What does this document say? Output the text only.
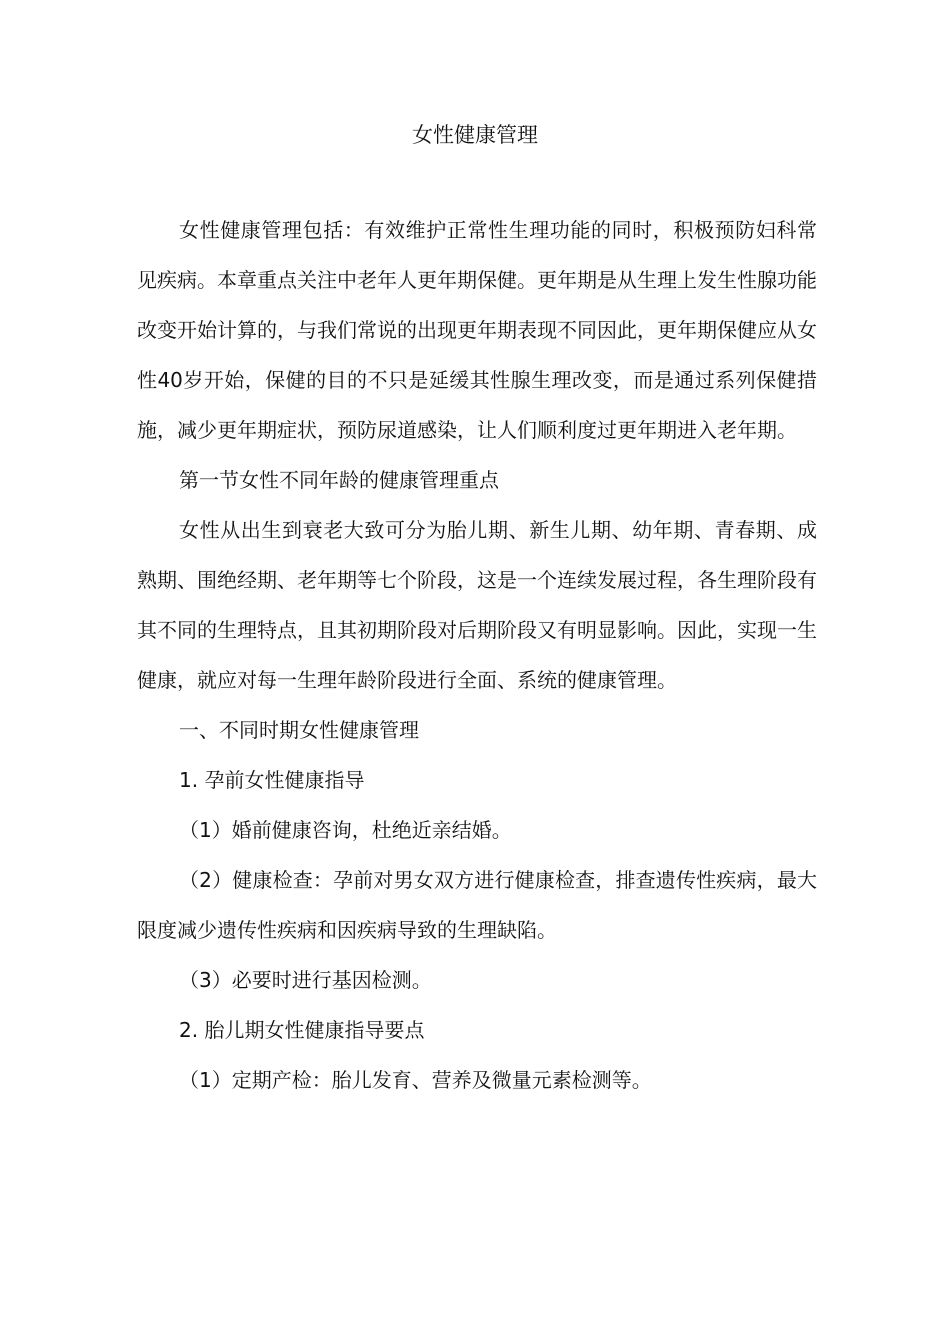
女性健康管理

女性健康管理包括：有效维护正常性生理功能的同时，积极预防妇科常见疾病。本章重点关注中老年人更年期保健。更年期是从生理上发生性腺功能改变开始计算的，与我们常说的出现更年期表现不同因此，更年期保健应从女性40岁开始，保健的目的不只是延缓其性腺生理改变，而是通过系列保健措施，减少更年期症状，预防尿道感染，让人们顺利度过更年期进入老年期。

第一节女性不同年龄的健康管理重点

女性从出生到衰老大致可分为胎儿期、新生儿期、幼年期、青春期、成熟期、围绝经期、老年期等七个阶段，这是一个连续发展过程，各生理阶段有其不同的生理特点，且其初期阶段对后期阶段又有明显影响。因此，实现一生健康，就应对每一生理年龄阶段进行全面、系统的健康管理。

一、不同时期女性健康管理

1. 孕前女性健康指导

（1）婚前健康咨询，杜绝近亲结婚。

（2）健康检查：孕前对男女双方进行健康检查，排查遗传性疾病，最大限度减少遗传性疾病和因疾病导致的生理缺陷。

（3）必要时进行基因检测。

2. 胎儿期女性健康指导要点

（1）定期产检：胎儿发育、营养及微量元素检测等。
